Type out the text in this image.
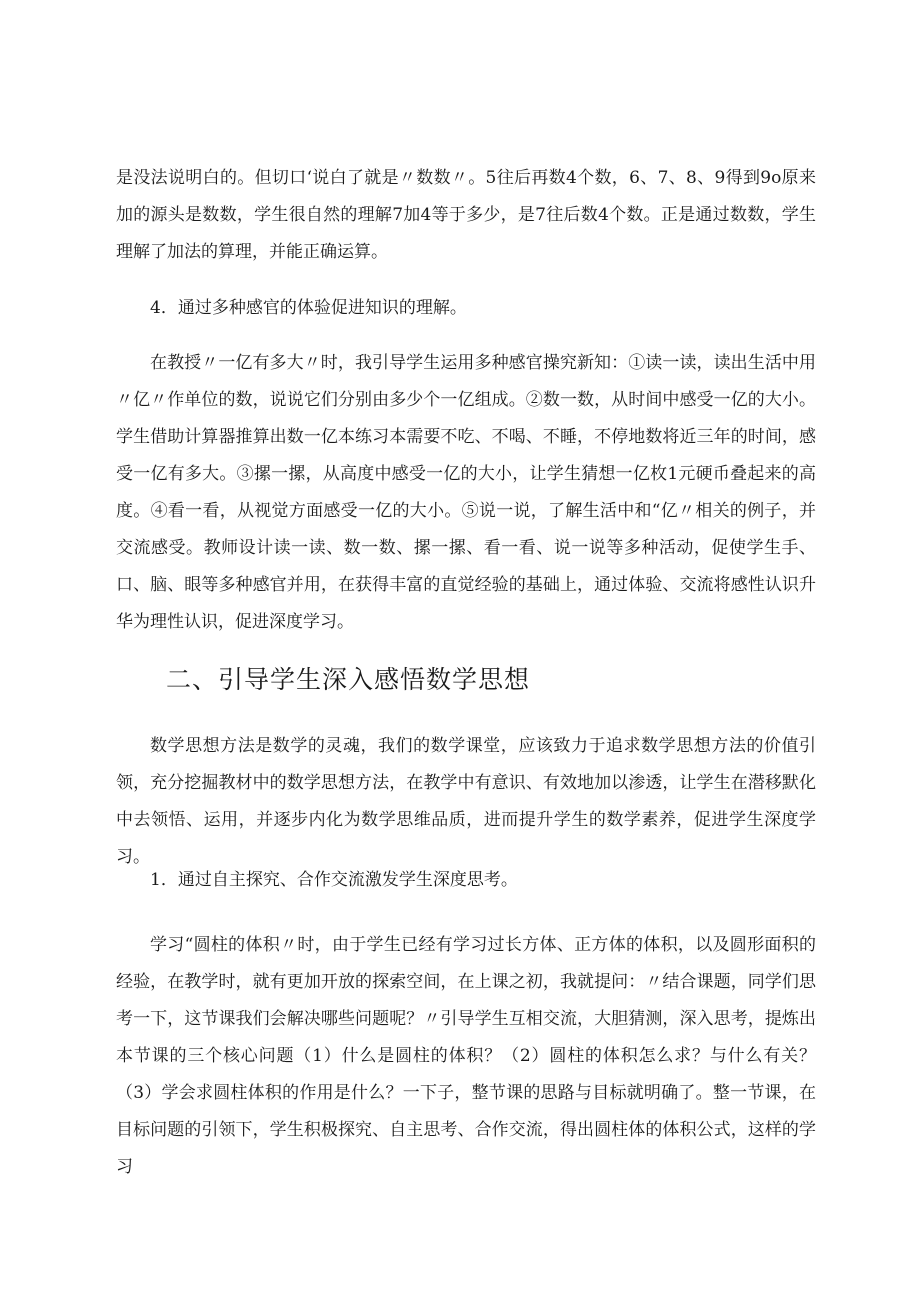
是没法说明白的。但切口‘说白了就是〃数数〃。5往后再数4个数，6、7、8、9得到9o原来加的源头是数数，学生很自然的理解7加4等于多少，是7往后数4个数。正是通过数数，学生理解了加法的算理，并能正确运算。

4．通过多种感官的体验促进知识的理解。

在教授〃一亿有多大〃时，我引导学生运用多种感官操究新知：①读一读，读出生活中用〃亿〃作单位的数，说说它们分别由多少个一亿组成。②数一数，从时间中感受一亿的大小。学生借助计算器推算出数一亿本练习本需要不吃、不喝、不睡，不停地数将近三年的时间，感受一亿有多大。③摞一摞，从高度中感受一亿的大小，让学生猜想一亿枚1元硬币叠起来的高度。④看一看，从视觉方面感受一亿的大小。⑤说一说，了解生活中和“亿〃相关的例子，并交流感受。教师设计读一读、数一数、摞一摞、看一看、说一说等多种活动，促使学生手、口、脑、眼等多种感官并用，在获得丰富的直觉经验的基础上，通过体验、交流将感性认识升华为理性认识，促进深度学习。

二、引导学生深入感悟数学思想

数学思想方法是数学的灵魂，我们的数学课堂，应该致力于追求数学思想方法的价值引领，充分挖掘教材中的数学思想方法，在教学中有意识、有效地加以渗透，让学生在潜移默化中去领悟、运用，并逐步内化为数学思维品质，进而提升学生的数学素养，促进学生深度学习。

1．通过自主探究、合作交流激发学生深度思考。

学习“圆柱的体积〃时，由于学生已经有学习过长方体、正方体的体积，以及圆形面积的经验，在教学时，就有更加开放的探索空间，在上课之初，我就提问：〃结合课题，同学们思考一下，这节课我们会解决哪些问题呢？〃引导学生互相交流，大胆猜测，深入思考，提炼出本节课的三个核心问题（1）什么是圆柱的体积？（2）圆柱的体积怎么求？与什么有关？（3）学会求圆柱体积的作用是什么？一下子，整节课的思路与目标就明确了。整一节课，在目标问题的引领下，学生积极探究、自主思考、合作交流，得出圆柱体的体积公式，这样的学习
